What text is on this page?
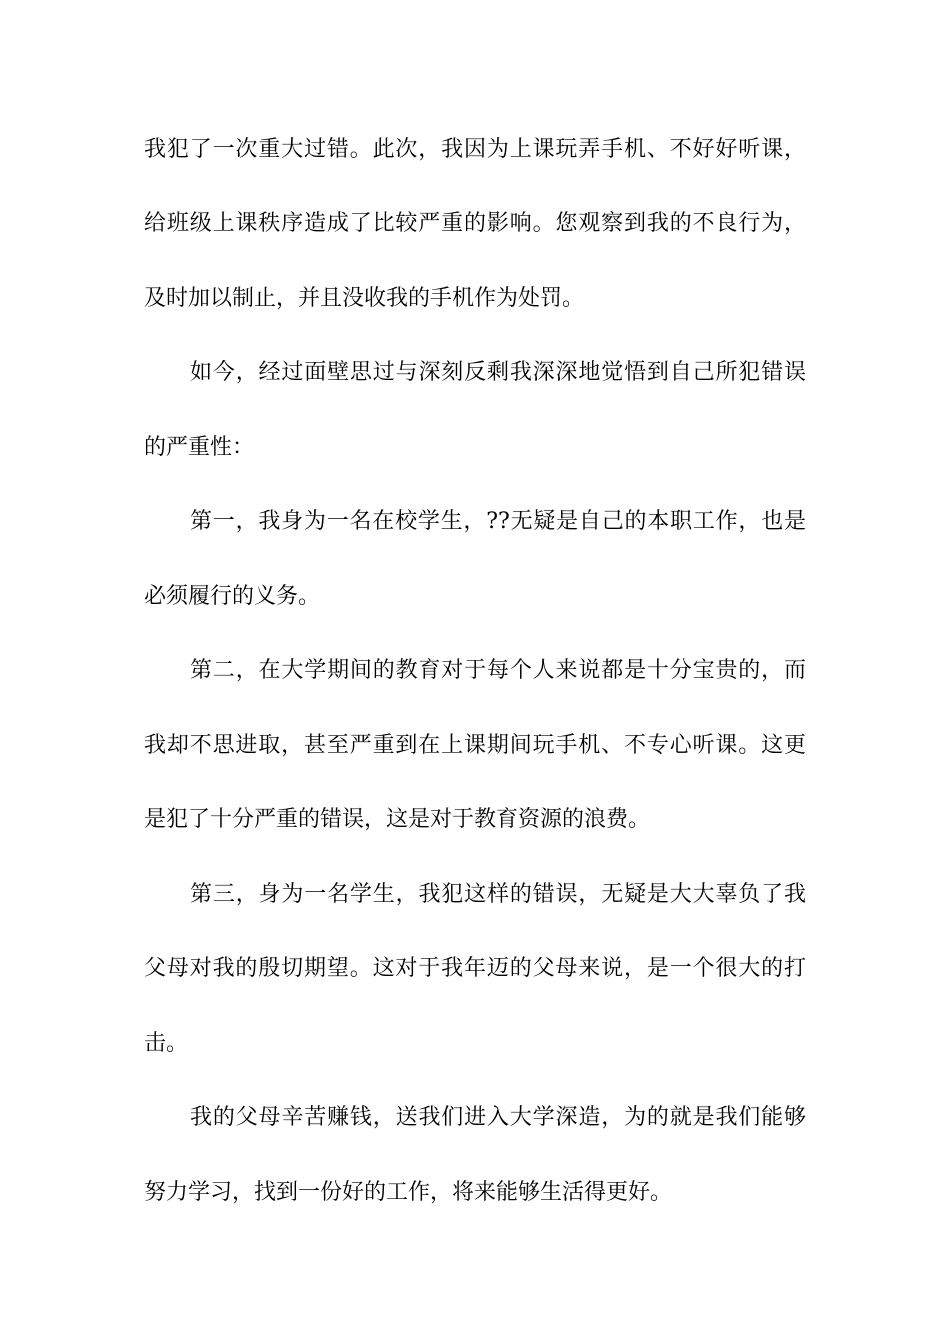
我犯了一次重大过错。此次，我因为上课玩弄手机、不好好听课，

给班级上课秩序造成了比较严重的影响。您观察到我的不良行为，

及时加以制止，并且没收我的手机作为处罚。

如今，经过面壁思过与深刻反剩我深深地觉悟到自己所犯错误

的严重性：

第一，我身为一名在校学生，??无疑是自己的本职工作，也是

必须履行的义务。

第二，在大学期间的教育对于每个人来说都是十分宝贵的，而

我却不思进取，甚至严重到在上课期间玩手机、不专心听课。这更

是犯了十分严重的错误，这是对于教育资源的浪费。

第三，身为一名学生，我犯这样的错误，无疑是大大辜负了我

父母对我的殷切期望。这对于我年迈的父母来说，是一个很大的打

击。

我的父母辛苦赚钱，送我们进入大学深造，为的就是我们能够

努力学习，找到一份好的工作，将来能够生活得更好。
